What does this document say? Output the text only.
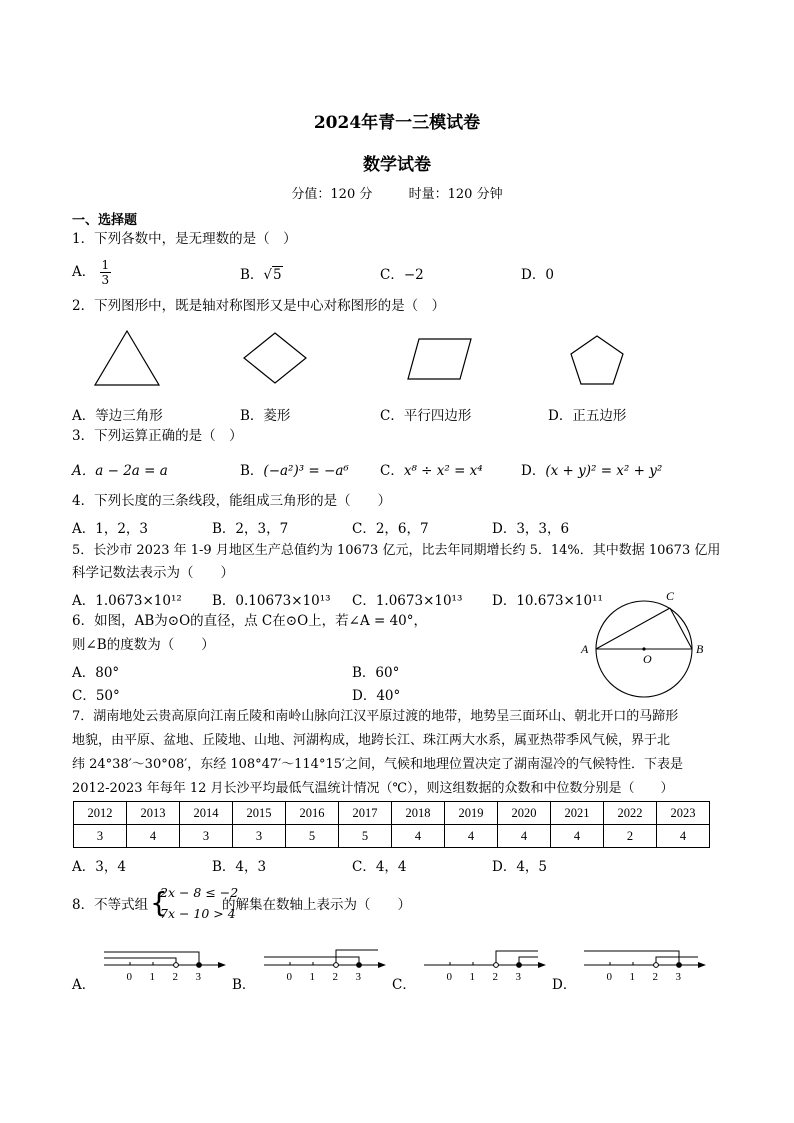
2024年青一三模试卷
数学试卷
分值：120 分	时量：120 分钟
一、选择题
1．下列各数中，是无理数的是（　）
A． $\frac{1}{3}$	B．√5	C．−2	D．0
2．下列图形中，既是轴对称图形又是中心对称图形的是（　）
A．等边三角形	B．菱形	C．平行四边形	D．正五边形
3．下列运算正确的是（　）
A．a − 2a = a	B．(−a²)³ = −a⁶ C．x⁸ ÷ x² = x⁴	D．(x + y)² = x² + y²
4．下列长度的三条线段，能组成三角形的是（　　）
A．1，2，3	B．2，3，7	C．2，6，7	D．3，3，6
5．长沙市 2023 年 1-9 月地区生产总值约为 10673 亿元，比去年同期增长约 5．14%．其中数据 10673 亿用
科学记数法表示为（　　）
A．1.0673×10¹² B．0.10673×10¹³ C．1.0673×10¹³ D．10.673×10¹¹
6．如图，AB为⊙O的直径，点 C在⊙O上，若∠A = 40°，
则∠B的度数为（　　）
A．80°	B．60°
C．50°	D．40°
A	B
C
O
7．湖南地处云贵高原向江南丘陵和南岭山脉向江汉平原过渡的地带，地势呈三面环山、朝北开口的马蹄形
地貌，由平原、盆地、丘陵地、山地、河湖构成，地跨长江、珠江两大水系，属亚热带季风气候，界于北
纬 24°38′～30°08′，东经 108°47′～114°15′之间，气候和地理位置决定了湖南湿冷的气候特性．下表是
2012-2023 年每年 12 月长沙平均最低气温统计情况（℃），则这组数据的众数和中位数分别是（　　）
2012	2013	2014	2015	2016	2017	2018	2019	2020	2021	2022	2023
3	4	3	3	5	5	4	4	4	4	2	4
A．3，4	B．4，3	C．4，4	D．4，5
8．不等式组 {
2x − 8 ≤ −2
7x − 10 > 4
的解集在数轴上表示为（　　）
A．	B．	C．	D．
0 1 2 3	0 1 2 3	0 1 2 3	0 1 2 3
